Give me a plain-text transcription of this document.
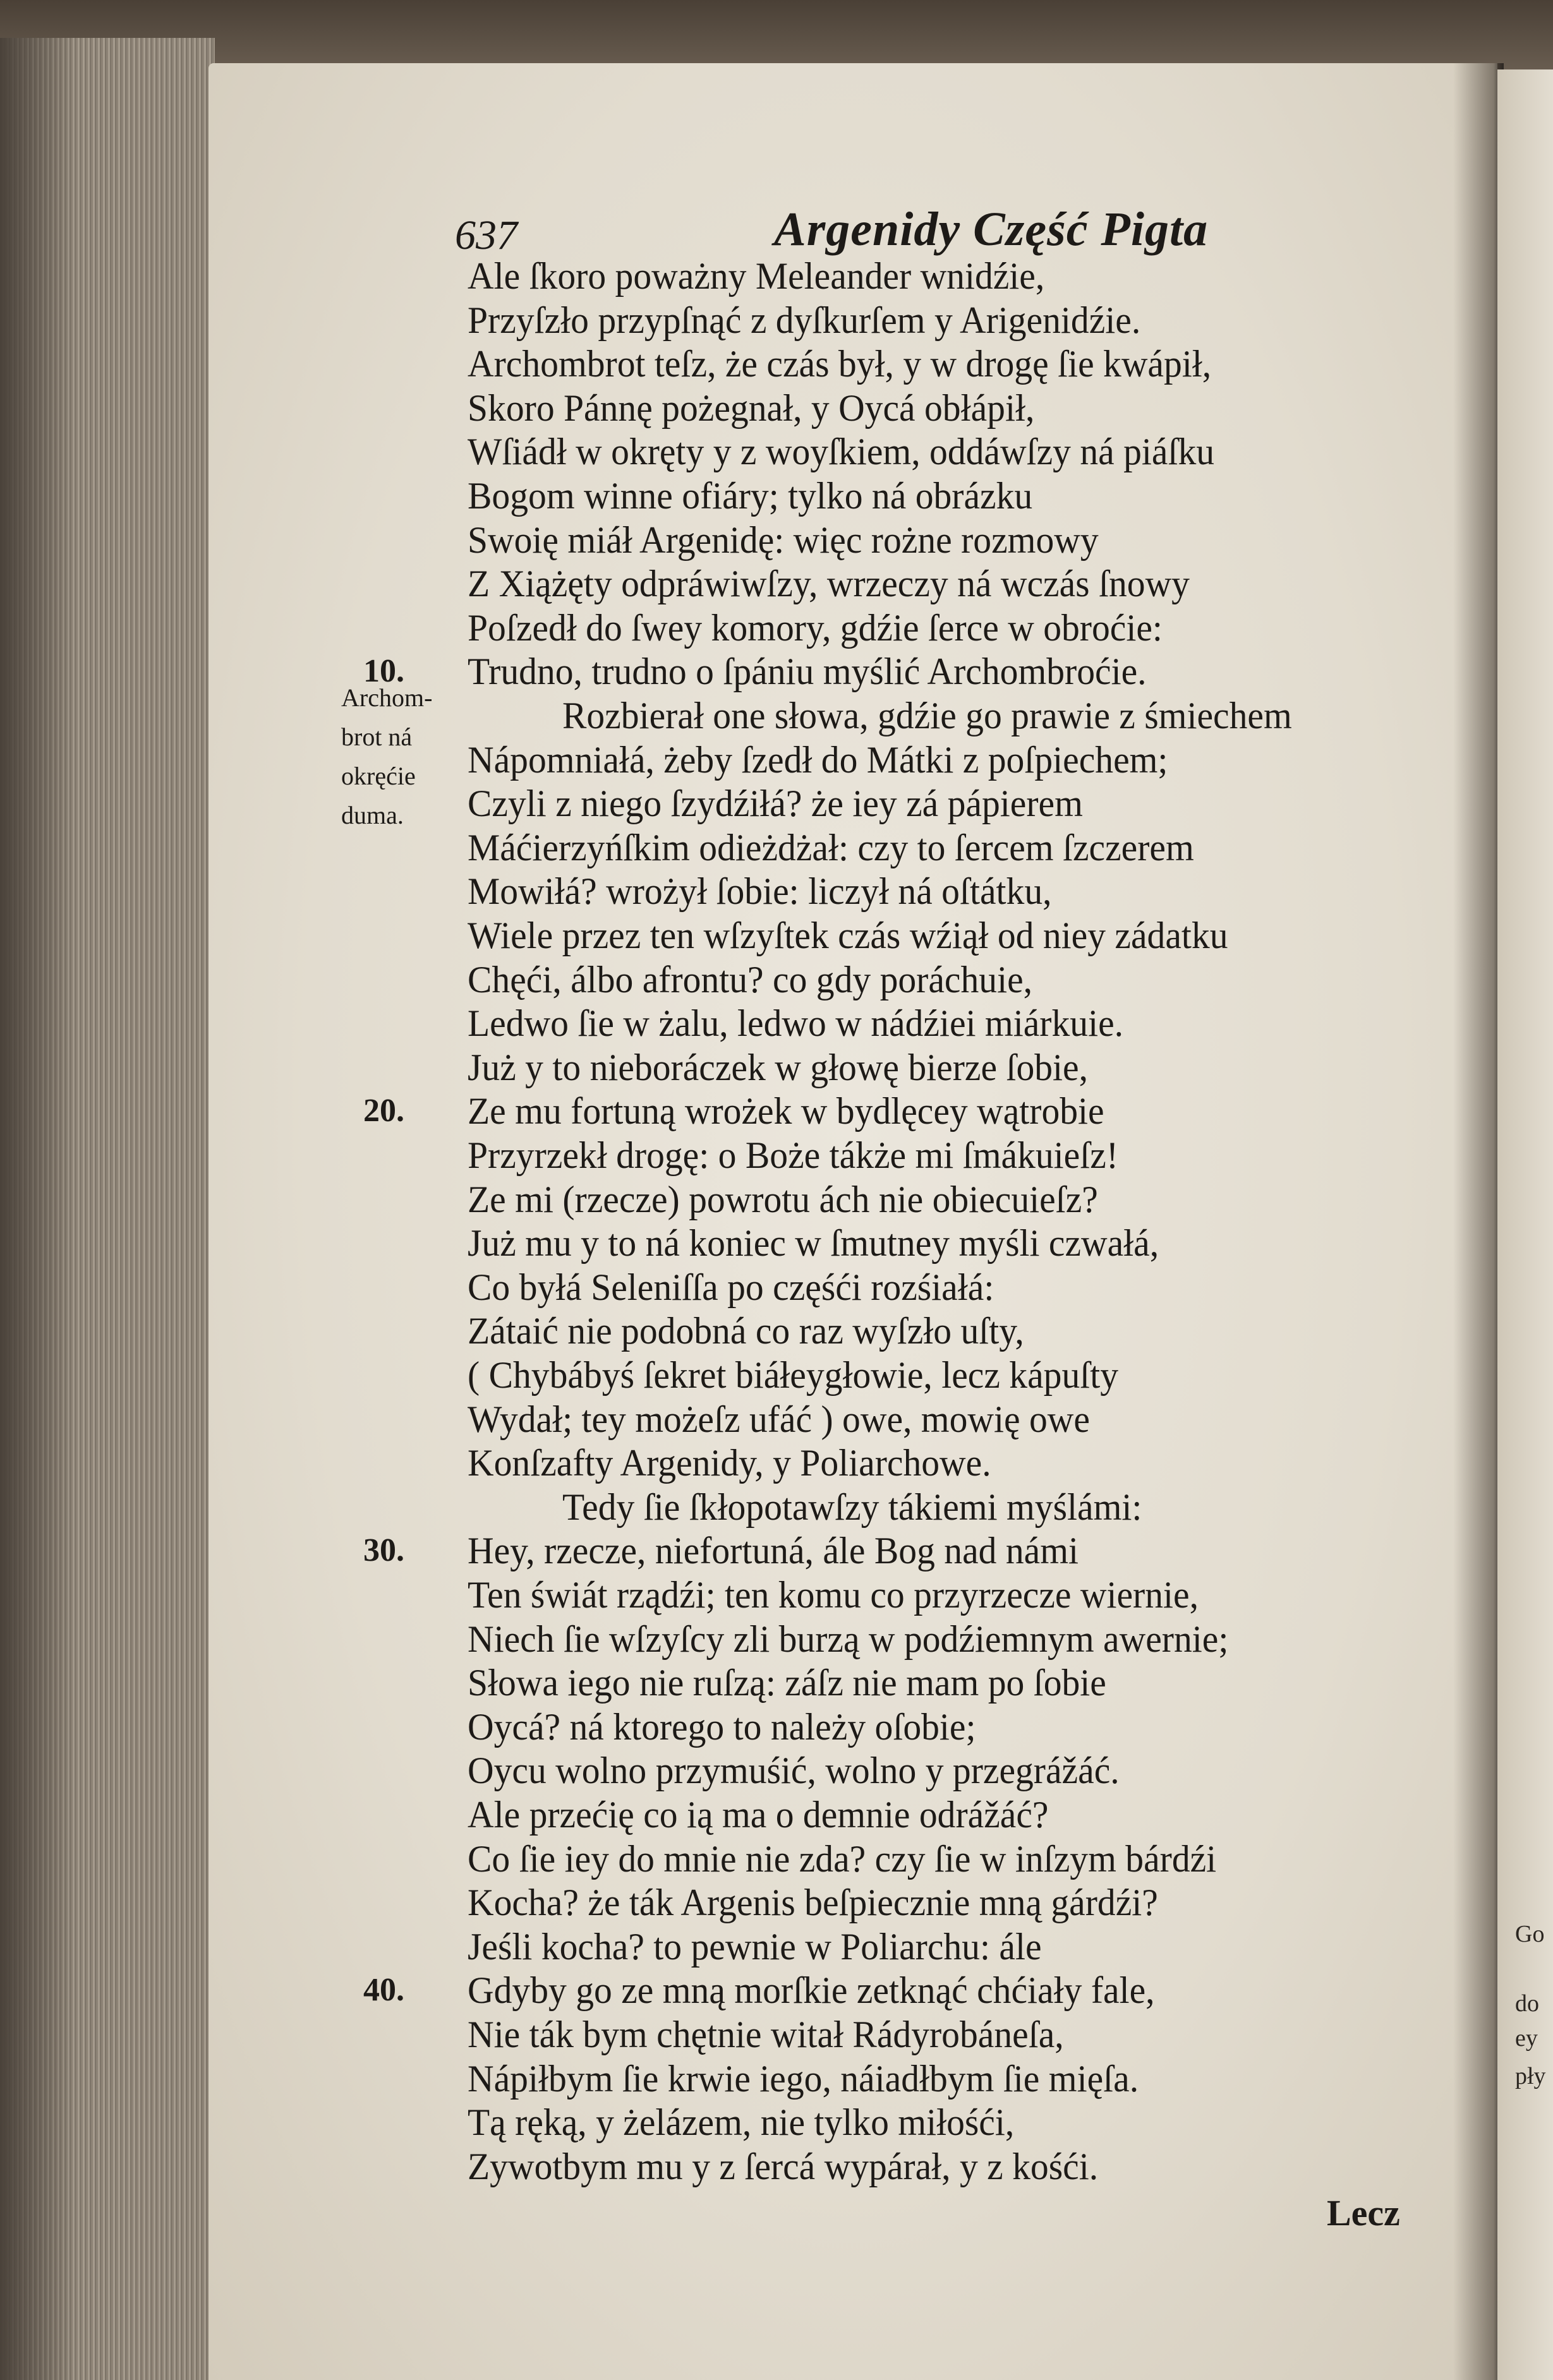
637	Argenidy Część Pigta
Ale ſkoro poważny Meleander wnidźie,
Przyſzło przypſnąć z dyſkurſem y Arigenidźie.
Archombrot teſz, że czás był, y w drogę ſie kwápił,
Skoro Pánnę pożegnał, y Oycá obłápił,
Wſiádł w okręty y z woyſkiem, oddáwſzy ná piáſku
Bogom winne ofiáry; tylko ná obrázku
Swoię miáł Argenidę: więc rożne rozmowy
Z Xiążęty odpráwiwſzy, wrzeczy ná wczás ſnowy
Poſzedł do ſwey komory, gdźie ſerce w obroćie:
Trudno, trudno o ſpániu myślić Archombroćie.
Rozbierał one słowa, gdźie go prawie z śmiechem
Nápomniałá, żeby ſzedł do Mátki z poſpiechem;
Czyli z niego ſzydźiłá? że iey zá pápierem
Máćierzyńſkim odieżdżał: czy to ſercem ſzczerem
Mowiłá? wrożył ſobie: liczył ná oſtátku,
Wiele przez ten wſzyſtek czás wźiął od niey zádatku
Chęći, álbo afrontu? co gdy poráchuie,
Ledwo ſie w żalu, ledwo w nádźiei miárkuie.
Już y to nieboráczek w głowę bierze ſobie,
Ze mu fortuną wrożek w bydlęcey wątrobie
Przyrzekł drogę: o Boże tákże mi ſmákuieſz!
Ze mi (rzecze) powrotu ách nie obiecuieſz?
Już mu y to ná koniec w ſmutney myśli czwałá,
Co byłá Seleniſſa po częśći rozśiałá:
Zátaić nie podobná co raz wyſzło uſty,
( Chybábyś ſekret biáłeygłowie, lecz kápuſty
Wydał; tey możeſz ufáć ) owe, mowię owe
Konſzafty Argenidy, y Poliarchowe.
Tedy ſie ſkłopotawſzy tákiemi myślámi:
Hey, rzecze, niefortuná, ále Bog nad námi
Ten świát rządźi; ten komu co przyrzecze wiernie,
Niech ſie wſzyſcy zli burzą w podźiemnym awernie;
Słowa iego nie ruſzą: záſz nie mam po ſobie
Oycá? ná ktorego to należy oſobie;
Oycu wolno przymuśić, wolno y przegrážáć.
Ale przećię co ią ma o demnie odrážáć?
Co ſie iey do mnie nie zda? czy ſie w inſzym bárdźi
Kocha? że ták Argenis beſpiecznie mną gárdźi?
Jeśli kocha? to pewnie w Poliarchu: ále
Gdyby go ze mną morſkie zetknąć chćiały fale,
Nie ták bym chętnie witał Rádyrobáneſa,
Nápiłbym ſie krwie iego, náiadłbym ſie mięſa.
Tą ręką, y żelázem, nie tylko miłośći,
Zywotbym mu y z ſercá wypárał, y z kośći.
Lecz
10.
20.
30.
40.
Archom-
brot ná
okręćie
duma.
Go
do
ey
pły
